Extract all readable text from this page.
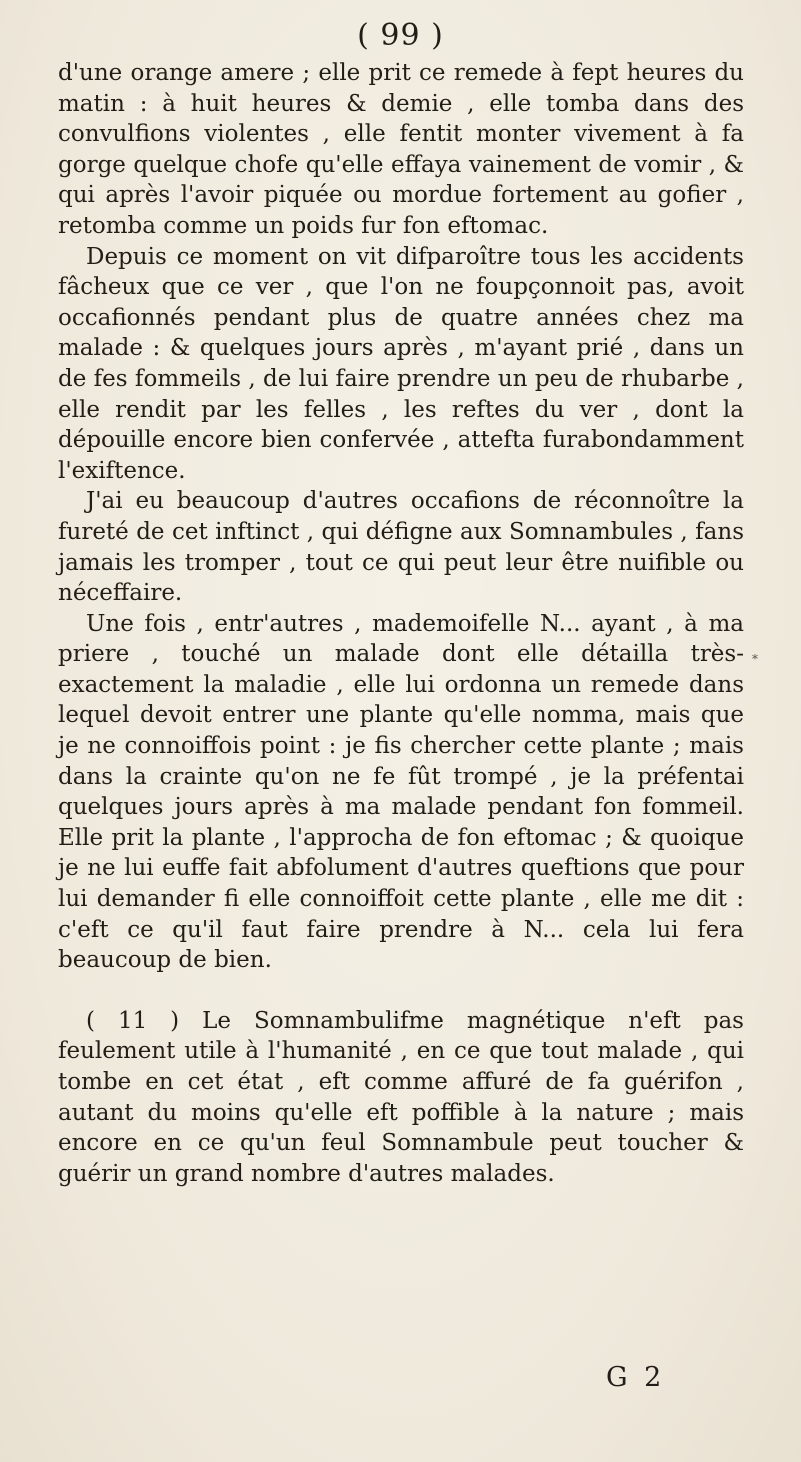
( 99 )

d'une orange amere ; elle prit ce remede à fept heures du matin : à huit heures & demie , elle tomba dans des convulfions violentes , elle fentit monter vivement à fa gorge quelque chofe qu'elle effaya vainement de vomir , & qui après l'avoir piquée ou mordue fortement au gofier , retomba comme un poids fur fon eftomac.

Depuis ce moment on vit difparoître tous les accidents fâcheux que ce ver , que l'on ne foupçonnoit pas, avoit occafionnés pendant plus de quatre années chez ma malade : & quelques jours après , m'ayant prié , dans un de fes fommeils , de lui faire prendre un peu de rhubarbe , elle rendit par les felles , les reftes du ver , dont la dépouille encore bien confervée , attefta furabondamment l'exiftence.

J'ai eu beaucoup d'autres occafions de réconnoître la fureté de cet inftinct , qui défigne aux Somnambules , fans jamais les tromper , tout ce qui peut leur être nuifible ou néceffaire.

Une fois , entr'autres , mademoifelle N... ayant , à ma priere , touché un malade dont elle détailla très-exactement la maladie , elle lui ordonna un remede dans lequel devoit entrer une plante qu'elle nomma, mais que je ne connoiffois point : je fis chercher cette plante ; mais dans la crainte qu'on ne fe fût trompé , je la préfentai quelques jours après à ma malade pendant fon fommeil. Elle prit la plante , l'approcha de fon eftomac ; & quoique je ne lui euffe fait abfolument d'autres queftions que pour lui demander fi elle connoiffoit cette plante , elle me dit : c'eft ce qu'il faut faire prendre à N... cela lui fera beaucoup de bien.

( 11 ) Le Somnambulifme magnétique n'eft pas feulement utile à l'humanité , en ce que tout malade , qui tombe en cet état , eft comme affuré de fa guérifon , autant du moins qu'elle eft poffible à la nature ; mais encore en ce qu'un feul Somnambule peut toucher & guérir un grand nombre d'autres malades.

*
G 2
